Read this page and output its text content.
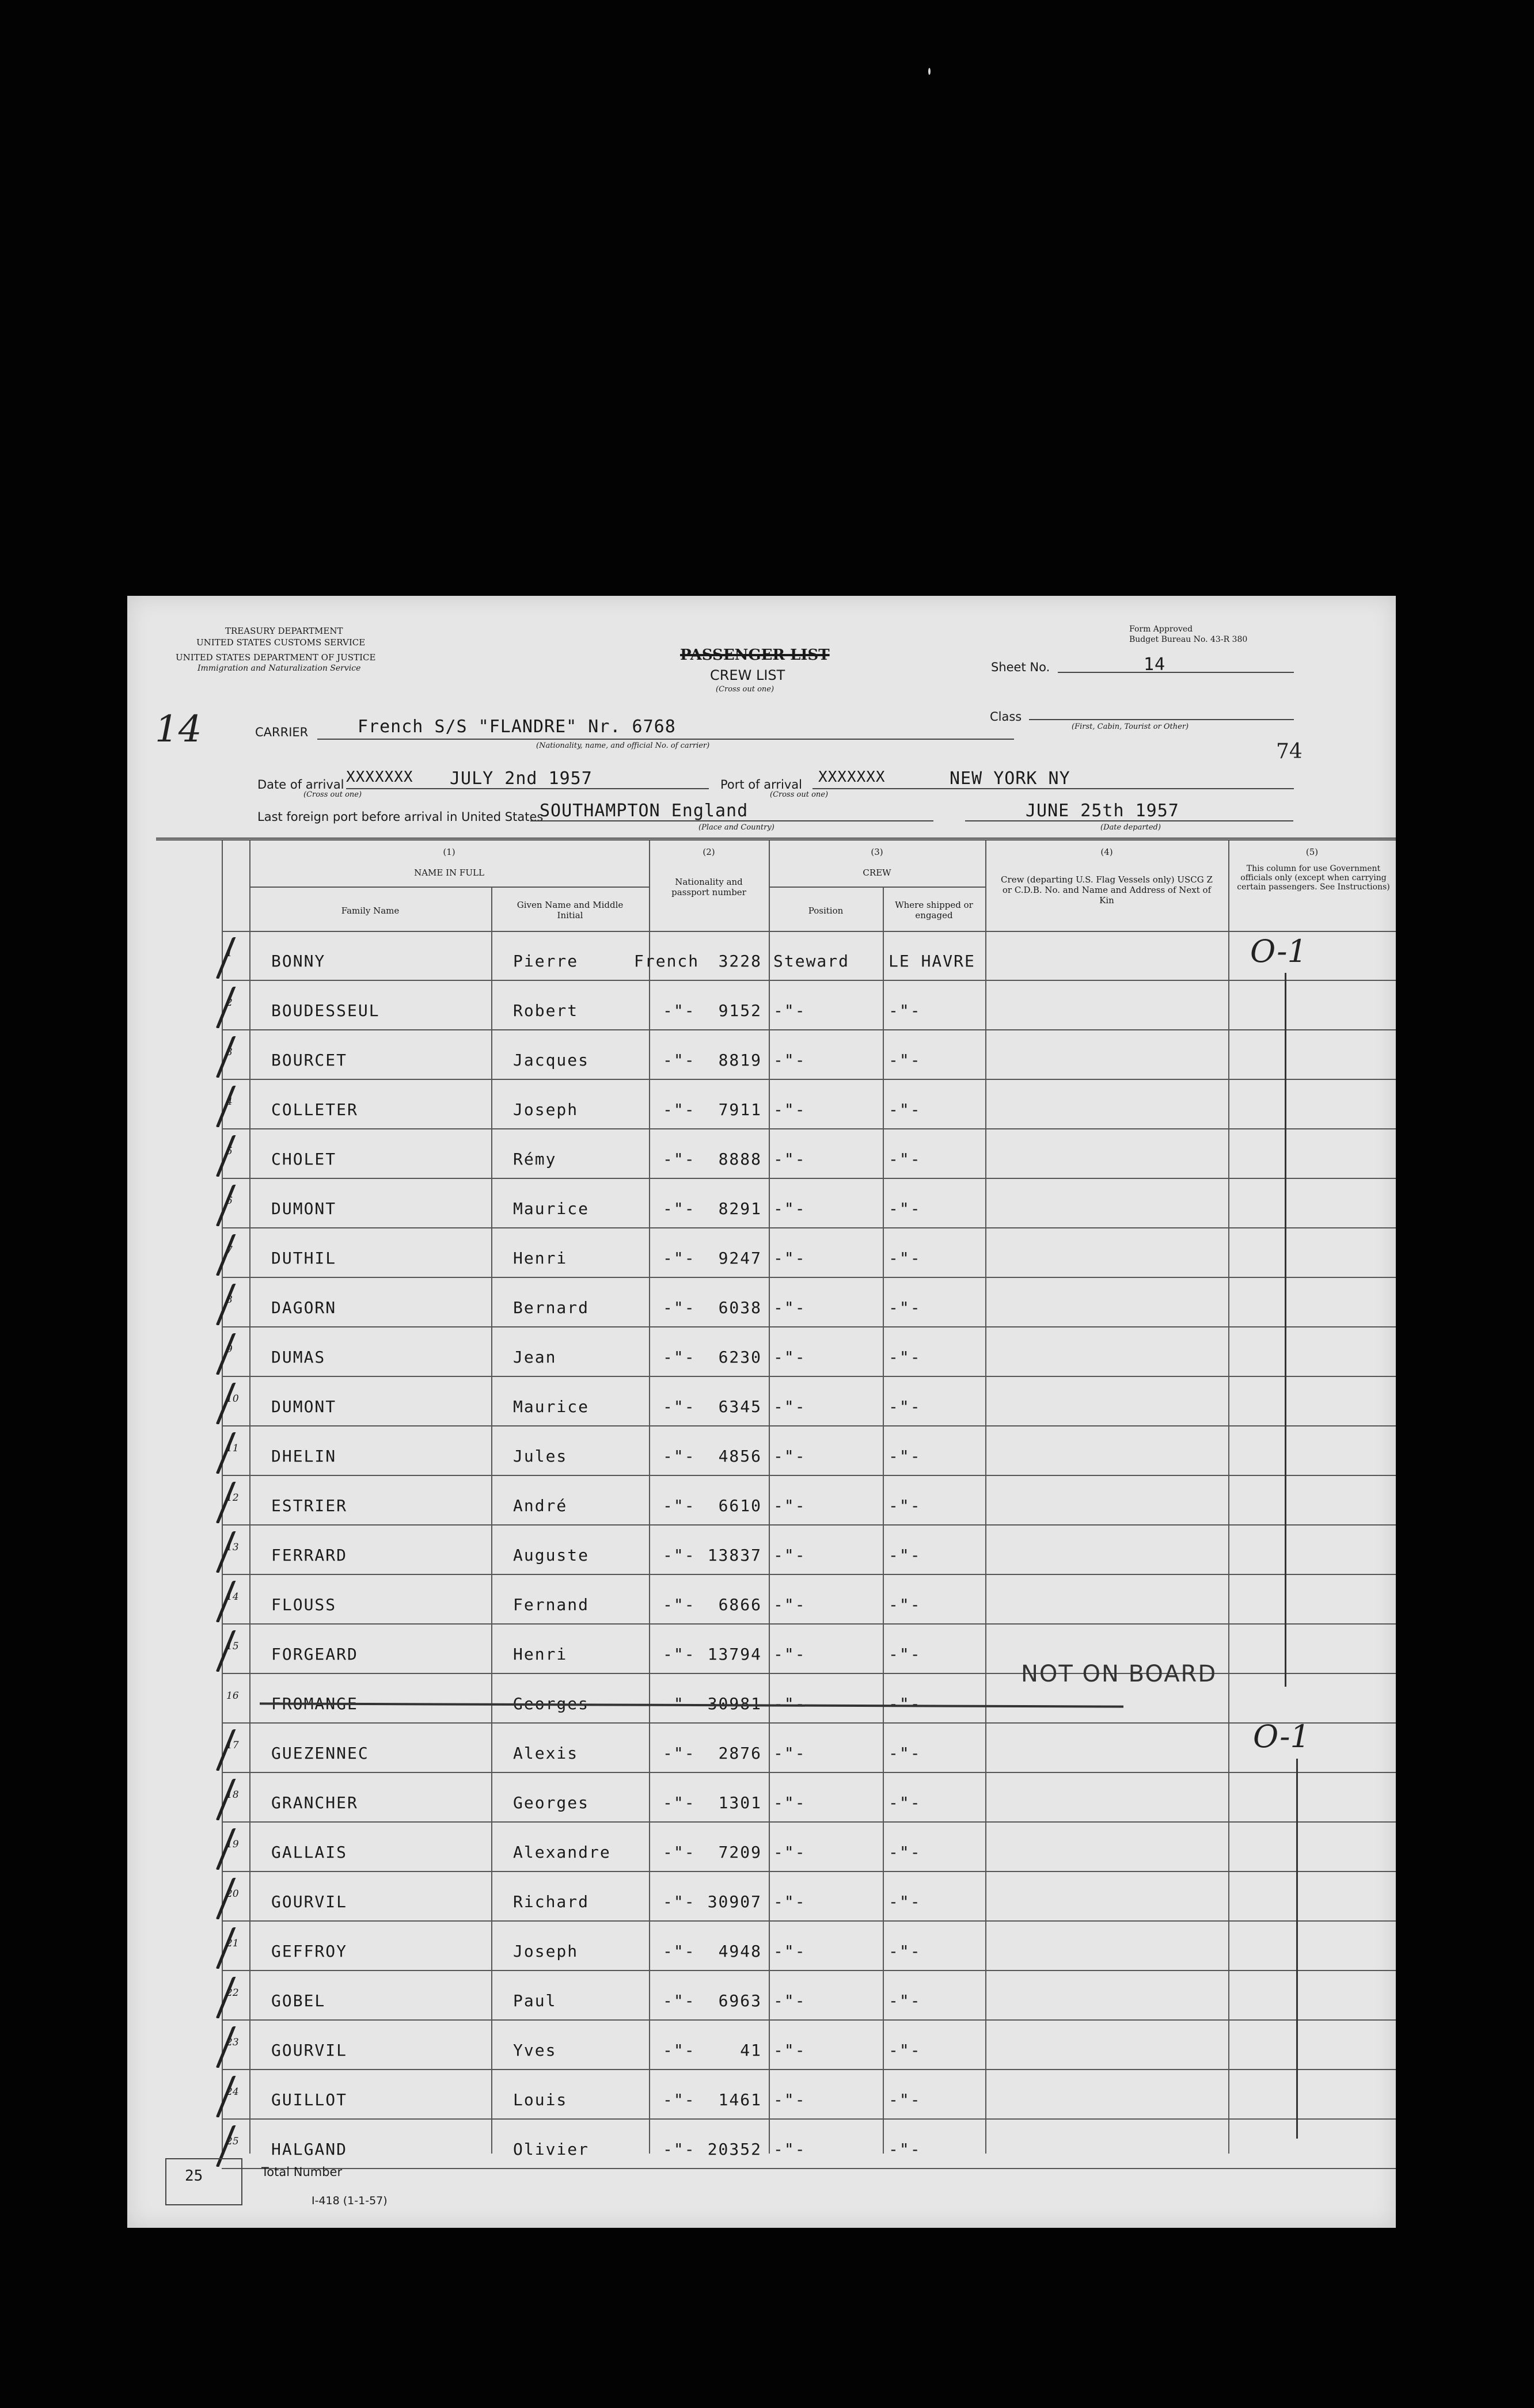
TREASURY DEPARTMENT
UNITED STATES CUSTOMS SERVICE
UNITED STATES DEPARTMENT OF JUSTICE
Immigration and Naturalization Service
Form Approved
Budget Bureau No. 43-R 380
PASSENGER LIST
CREW LIST
(Cross out one)
Sheet No.	14
Class
(First, Cabin, Tourist or Other)
14
74
CARRIER	French S/S "FLANDRE" Nr. 6768
(Nationality, name, and official No. of carrier)
Date of arrival XXXXXXX JULY 2nd 1957
(Cross out one)
Port of arrival XXXXXXX	NEW YORK NY
(Cross out one)
Last foreign port before arrival in United States
SOUTHAMPTON England
(Place and Country)
JUNE 25th 1957
(Date departed)
(1)
NAME IN FULL
Family Name
Given Name and Middle Initial
(2)
Nationality and passport number
(3)
CREW
Position
Where shipped or engaged
(4)
Crew (departing U.S. Flag Vessels only) USCG Z or C.D.B. No. and Name and Address of Next of Kin
(5)
This column for use Government officials only (except when carrying certain passengers. See Instructions)
1 BONNY	Pierre	French 3228 Steward LE HAVRE
2 BOUDESSEUL	Robert	-"- 9152 -"-	-"-
3 BOURCET	Jacques	-"- 8819 -"-	-"-
4 COLLETER	Joseph	-"- 7911 -"-	-"-
5 CHOLET	Rémy	-"- 8888 -"-	-"-
6 DUMONT	Maurice	-"- 8291 -"-	-"-
7 DUTHIL	Henri	-"- 9247 -"-	-"-
8 DAGORN	Bernard	-"- 6038 -"-	-"-
9 DUMAS	Jean	-"- 6230 -"-	-"-
10 DUMONT	Maurice	-"- 6345 -"-	-"-
11 DHELIN	Jules	-"- 4856 -"-	-"-
12 ESTRIER	André	-"- 6610 -"-	-"-
13 FERRARD	Auguste	-"- 13837 -"-	-"-
14 FLOUSS	Fernand	-"- 6866 -"-	-"-
15 FORGEARD	Henri	-"- 13794 -"-	-"-
16 FROMANGE	Georges	-"- 30981 -"-	-"-
17 GUEZENNEC	Alexis	-"- 2876 -"-	-"-
18 GRANCHER	Georges	-"- 1301 -"-	-"-
19 GALLAIS	Alexandre	-"- 7209 -"-	-"-
20 GOURVIL	Richard	-"- 30907 -"-	-"-
21 GEFFROY	Joseph	-"- 4948 -"-	-"-
22 GOBEL	Paul	-"- 6963 -"-	-"-
23 GOURVIL	Yves	-"-	41 -"-	-"-
24 GUILLOT	Louis	-"- 1461 -"-	-"-
25 HALGAND	Olivier	-"- 20352 -"-	-"-
NOT ON BOARD
O-1
O-1
25	Total Number
I-418 (1-1-57)
